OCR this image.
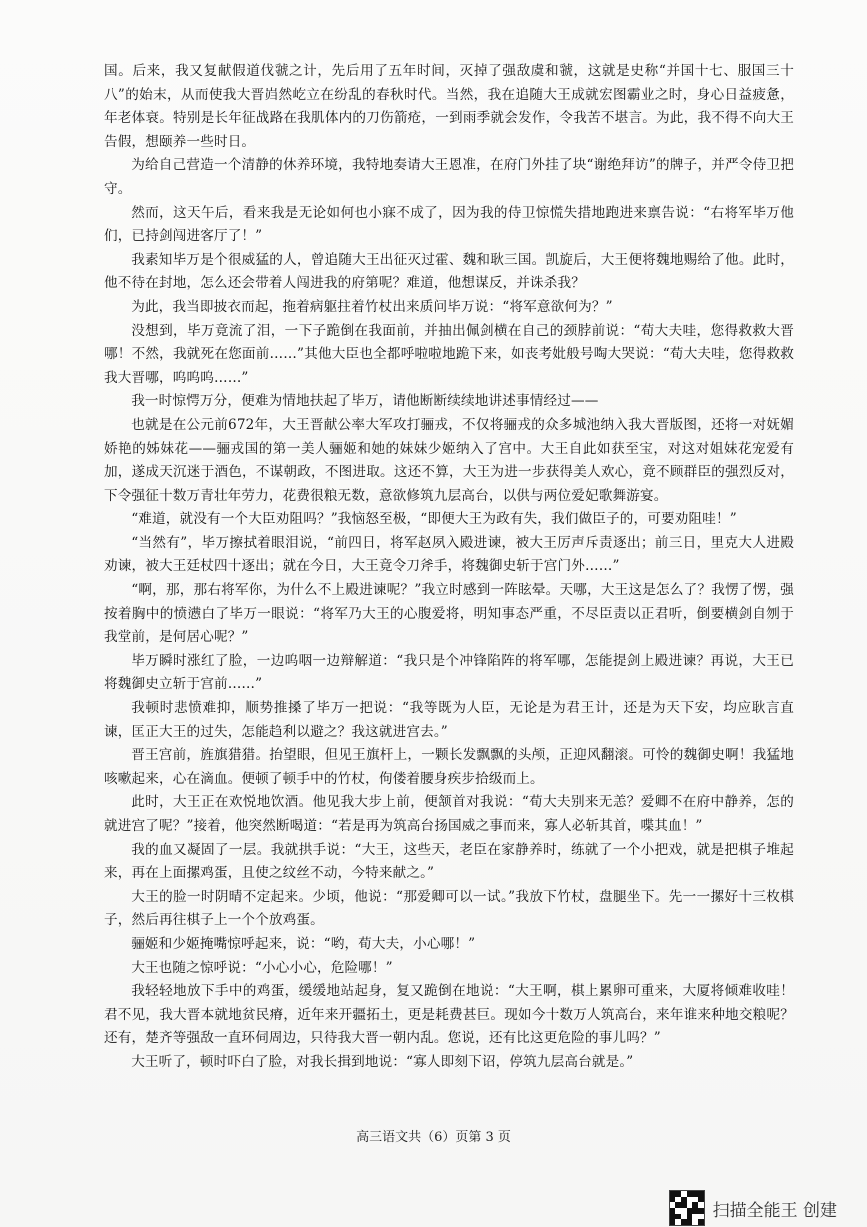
国。后来，我又复献假道伐虢之计，先后用了五年时间，灭掉了强敌虞和虢，这就是史称“并国十七、服国三十八”的始末，从而使我大晋岿然屹立在纷乱的春秋时代。当然，我在追随大王成就宏图霸业之时，身心日益疲惫，年老体衰。特别是长年征战路在我肌体内的刀伤箭疮，一到雨季就会发作，令我苦不堪言。为此，我不得不向大王告假，想颐养一些时日。

为给自己营造一个清静的休养环境，我特地奏请大王恩准，在府门外挂了块“谢绝拜访”的牌子，并严令侍卫把守。

然而，这天午后，看来我是无论如何也小寐不成了，因为我的侍卫惊慌失措地跑进来禀告说：“右将军毕万他们，已持剑闯进客厅了！”

我素知毕万是个很威猛的人，曾追随大王出征灭过霍、魏和耿三国。凯旋后，大王便将魏地赐给了他。此时，他不待在封地，怎么还会带着人闯进我的府第呢？难道，他想谋反，并诛杀我？

为此，我当即披衣而起，拖着病躯拄着竹杖出来质问毕万说：“将军意欲何为？”

没想到，毕万竟流了泪，一下子跪倒在我面前，并抽出佩剑横在自己的颈脖前说：“荀大夫哇，您得救救大晋哪！不然，我就死在您面前……”其他大臣也全都呼啦啦地跪下来，如丧考妣般号啕大哭说：“荀大夫哇，您得救救我大晋哪，呜呜呜……”

我一时惊愕万分，便难为情地扶起了毕万，请他断断续续地讲述事情经过——

也就是在公元前672年，大王晋献公率大军攻打骊戎，不仅将骊戎的众多城池纳入我大晋版图，还将一对妩媚娇艳的姊妹花——骊戎国的第一美人骊姬和她的妹妹少姬纳入了宫中。大王自此如获至宝，对这对姐妹花宠爱有加，遂成天沉迷于酒色，不谋朝政，不图进取。这还不算，大王为进一步获得美人欢心，竟不顾群臣的强烈反对，下令强征十数万青壮年劳力，花费很粮无数，意欲修筑九层高台，以供与两位爱妃歌舞游宴。

“难道，就没有一个大臣劝阻吗？”我恼怒至极，“即便大王为政有失，我们做臣子的，可要劝阻哇！”

“当然有”，毕万擦拭着眼泪说，“前四日，将军赵夙入殿进谏，被大王厉声斥责逐出；前三日，里克大人进殿劝谏，被大王廷杖四十逐出；就在今日，大王竟令刀斧手，将魏御史斩于宫门外……”

“啊，那，那右将军你，为什么不上殿进谏呢？”我立时感到一阵眩晕。天哪，大王这是怎么了？我愣了愣，强按着胸中的愤懑白了毕万一眼说：“将军乃大王的心腹爱将，明知事态严重，不尽臣责以正君听，倒要横剑自刎于我堂前，是何居心呢？”

毕万瞬时涨红了脸，一边呜咽一边辩解道：“我只是个冲锋陷阵的将军哪，怎能提剑上殿进谏？再说，大王已将魏御史立斩于宫前……”

我顿时悲愤难抑，顺势推搡了毕万一把说：“我等既为人臣，无论是为君王计，还是为天下安，均应耿言直谏，匡正大王的过失，怎能趋利以避之？我这就进宫去。”

晋王宫前，旌旗猎猎。抬望眼，但见王旗杆上，一颗长发飘飘的头颅，正迎风翻滚。可怜的魏御史啊！我猛地咳嗽起来，心在滴血。便顿了顿手中的竹杖，佝偻着腰身疾步拾级而上。

此时，大王正在欢悦地饮酒。他见我大步上前，便颔首对我说：“荀大夫别来无恙？爱卿不在府中静养，怎的就进宫了呢？”接着，他突然断喝道：“若是再为筑高台扬国威之事而来，寡人必斩其首，喋其血！”

我的血又凝固了一层。我就拱手说：“大王，这些天，老臣在家静养时，练就了一个小把戏，就是把棋子堆起来，再在上面摞鸡蛋，且使之纹丝不动，今特来献之。”

大王的脸一时阴晴不定起来。少顷，他说：“那爱卿可以一试。”我放下竹杖，盘腿坐下。先一一摞好十三枚棋子，然后再往棋子上一个个放鸡蛋。

骊姬和少姬掩嘴惊呼起来，说：“哟，荀大夫，小心哪！”

大王也随之惊呼说：“小心小心，危险哪！”

我轻轻地放下手中的鸡蛋，缓缓地站起身，复又跪倒在地说：“大王啊，棋上累卵可重来，大厦将倾难收哇！君不见，我大晋本就地贫民瘠，近年来开疆拓土，更是耗费甚巨。现如今十数万人筑高台，来年谁来种地交粮呢？还有，楚齐等强敌一直环伺周边，只待我大晋一朝内乱。您说，还有比这更危险的事儿吗？”

大王听了，顿时吓白了脸，对我长揖到地说：“寡人即刻下诏，停筑九层高台就是。”

高三语文共（6）页第 3 页
扫描全能王 创建
